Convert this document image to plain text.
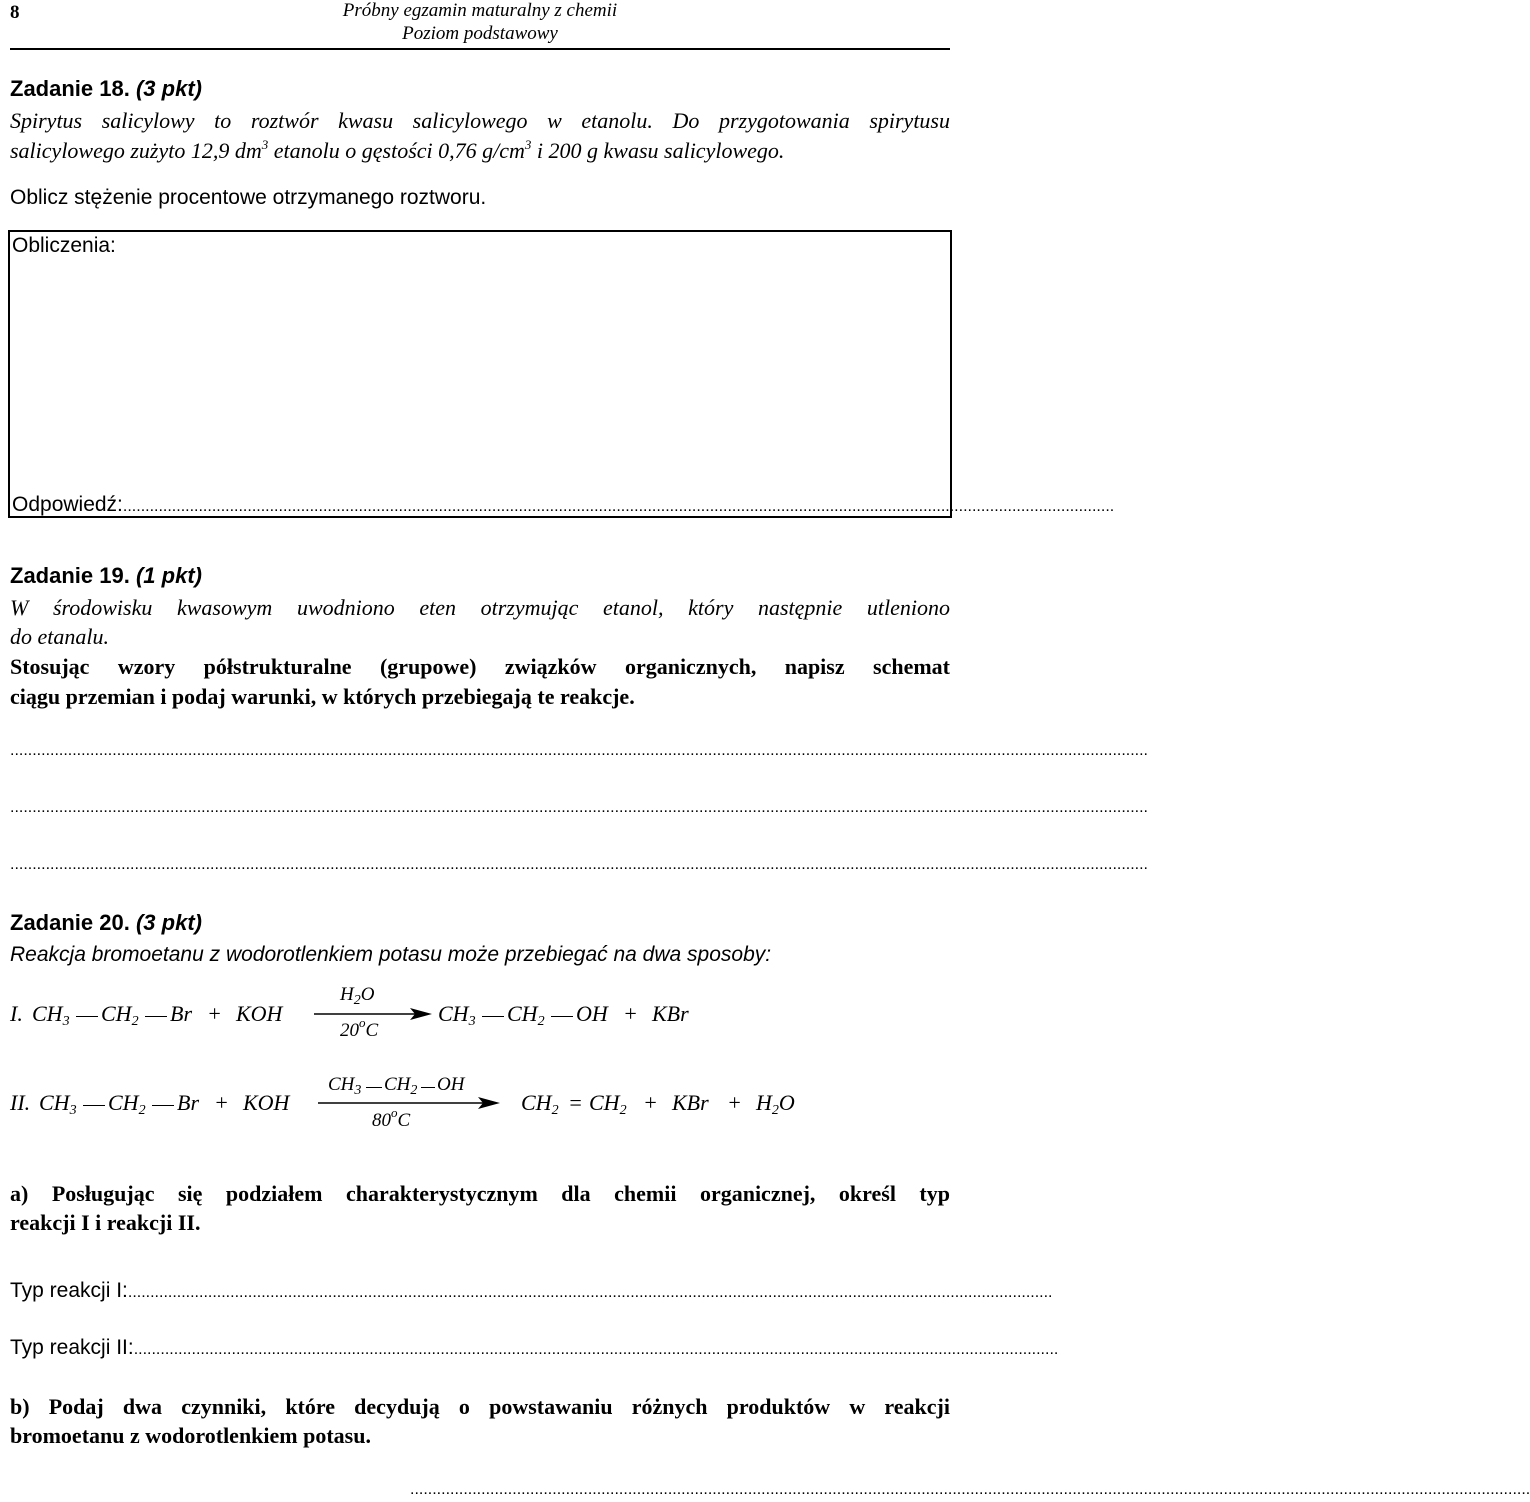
8	Próbny egzamin maturalny z chemii
Poziom podstawowy
Zadanie 18. (3 pkt)
Spirytus salicylowy to roztwór kwasu salicylowego w etanolu. Do przygotowania spirytusu
salicylowego zużyto 12,9 $dm^3$ etanolu o gęstości 0,76 $g/cm^3$ i 200 g kwasu salicylowego.
Oblicz stężenie procentowe otrzymanego roztworu.
Obliczenia:
Odpowiedź:...............................................................................................................................................................................................................................
Zadanie 19. (1 pkt)
W środowisku kwasowym uwodniono eten otrzymując etanol, który następnie utleniono
do etanalu.
Stosując wzory półstrukturalne (grupowe) związków organicznych, napisz schemat
ciągu przemian i podaj warunki, w których przebiegają te reakcje.
................................................................................................................................................................................................................................................................
................................................................................................................................................................................................................................................................
................................................................................................................................................................................................................................................................
Zadanie 20. (3 pkt)
Reakcja bromoetanu z wodorotlenkiem potasu może przebiegać na dwa sposoby:
I. $CH_3$ $CH_2$ Br + KOH
$H_2O$
20$^o$C
$CH_3$ $CH_2$ OH + KBr
II. $CH_3$ $CH_2$ Br + KOH
$CH_3$ $CH_2$ OH
80$^o$C
$CH_2 = CH_2$ + KBr + $H_2O$
a) Posługując się podziałem charakterystycznym dla chemii organicznej, określ typ
reakcji I i reakcji II.
Typ reakcji I:................................................................................................................................................................................................................
Typ reakcji II:................................................................................................................................................................................................................
b) Podaj dwa czynniki, które decydują o powstawaniu różnych produktów w reakcji
bromoetanu z wodorotlenkiem potasu.
............................................................................................................................................................................................................................................................
